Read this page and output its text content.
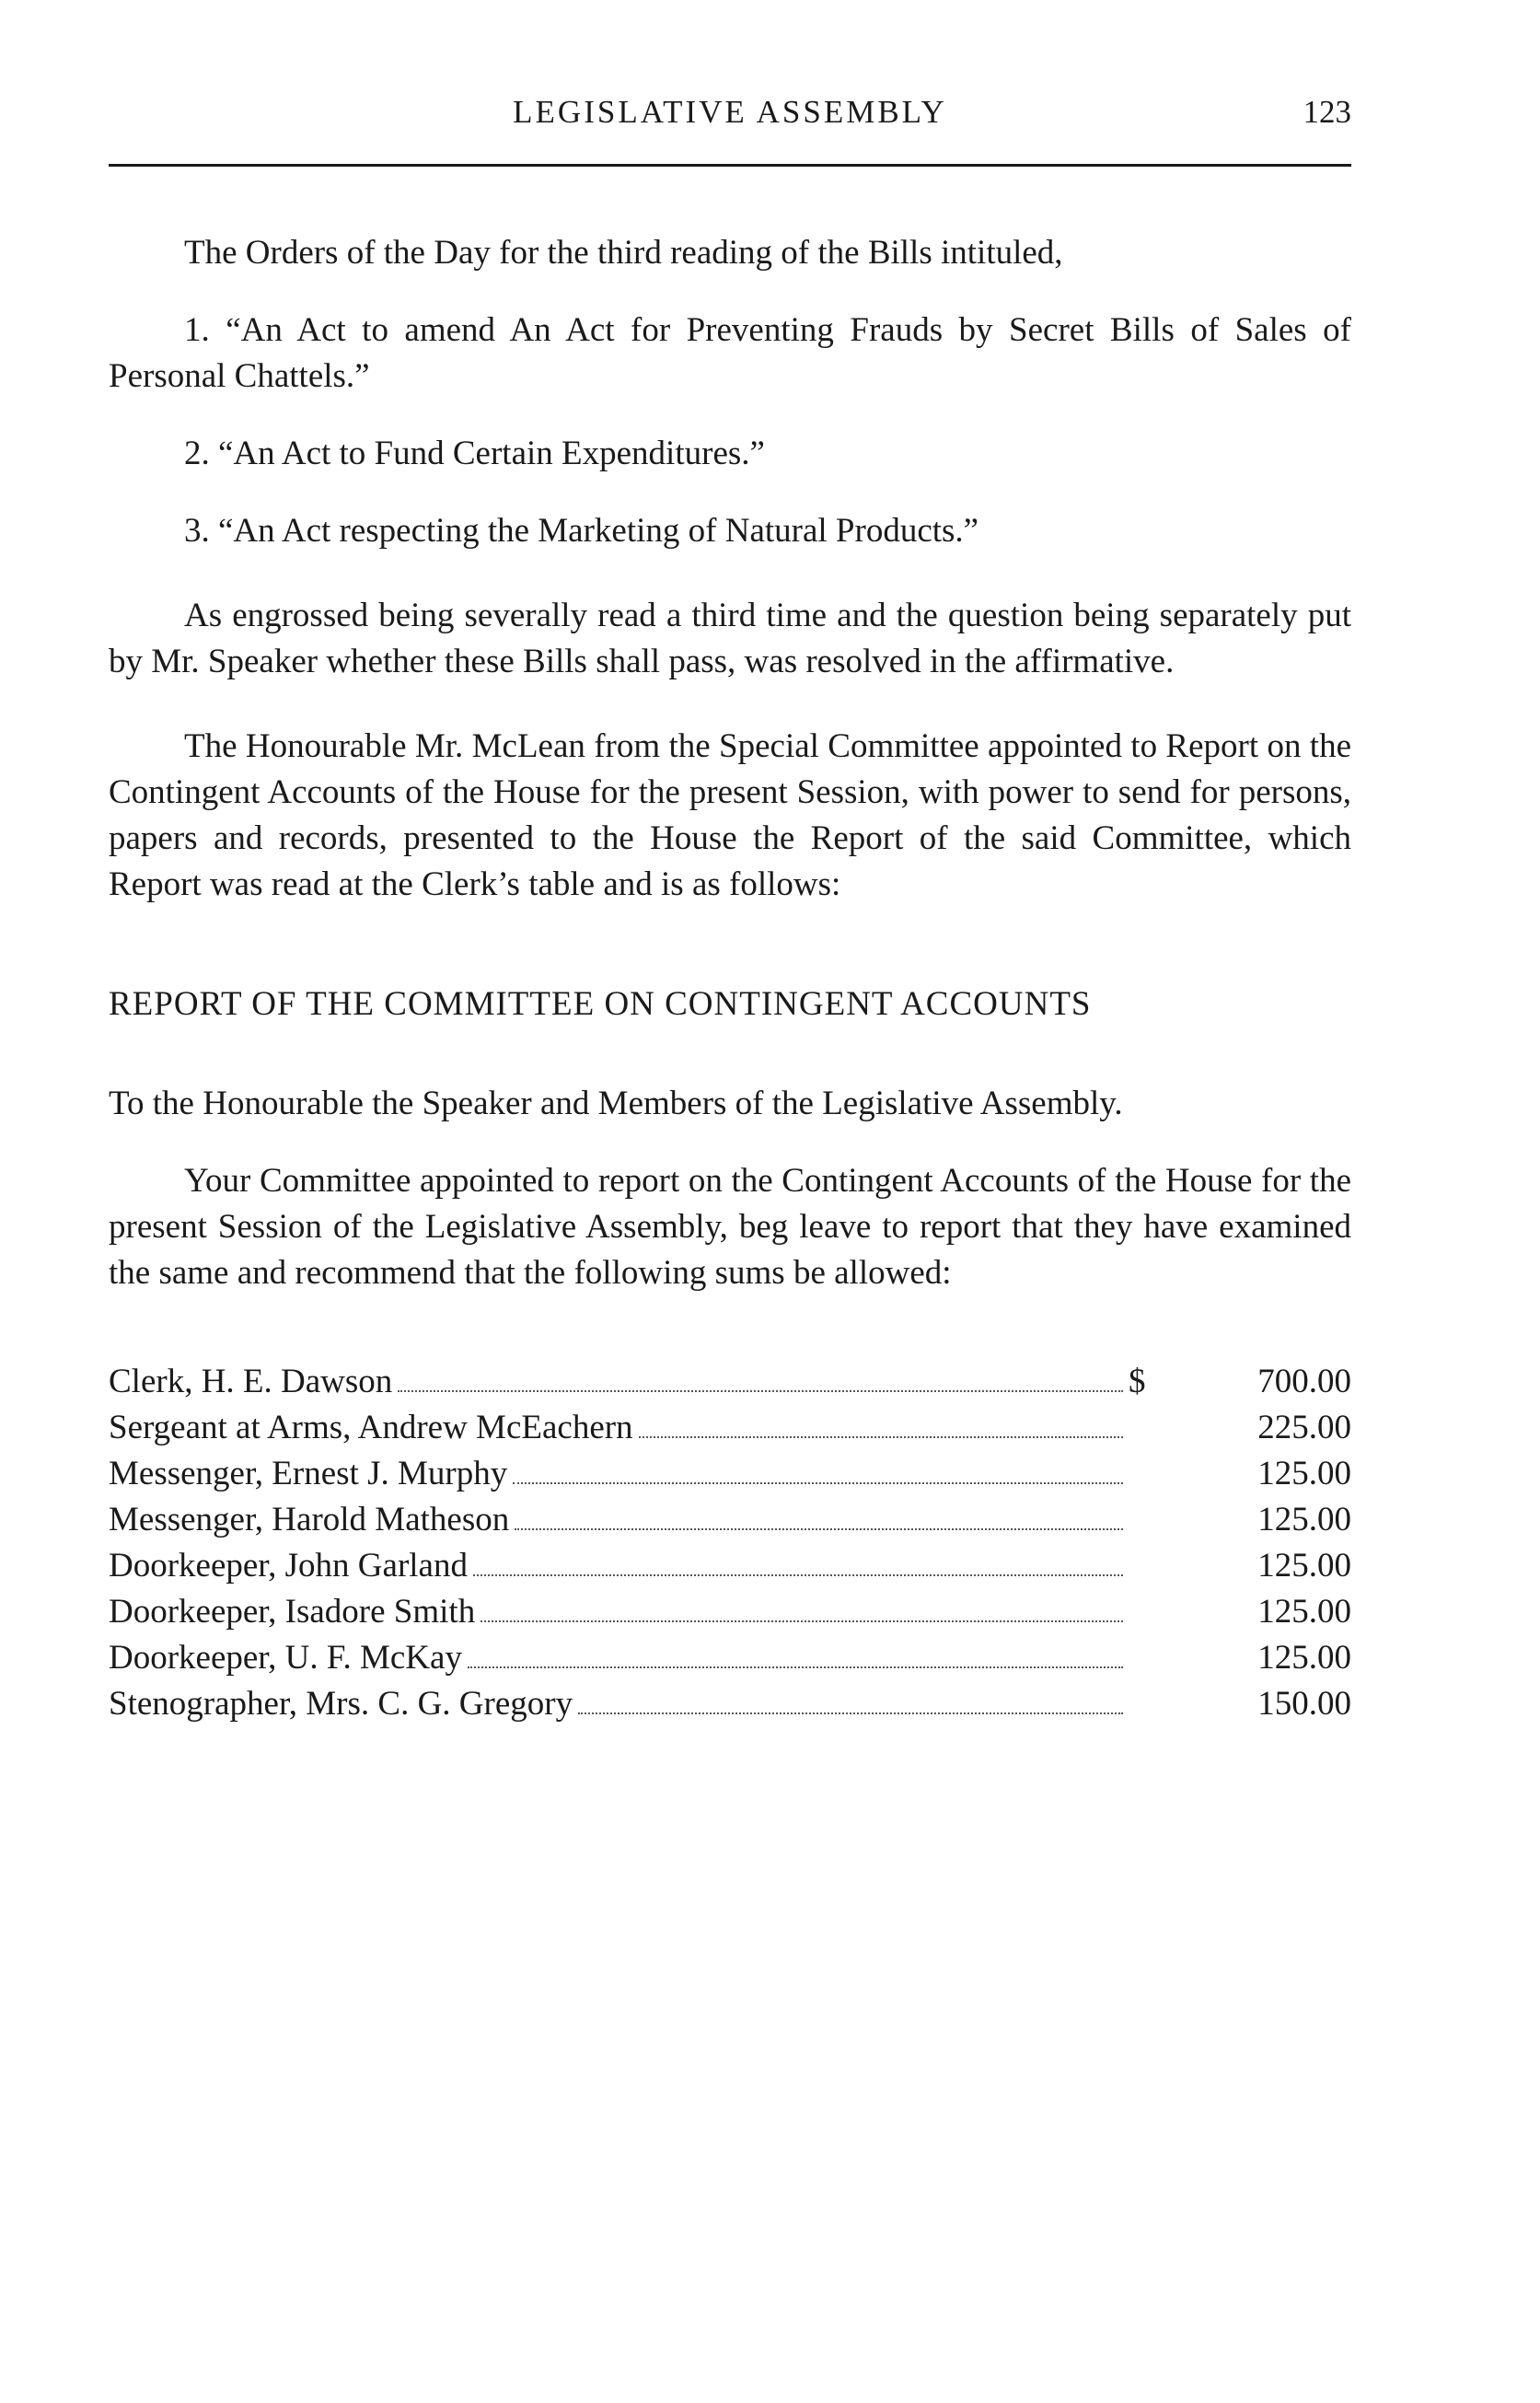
LEGISLATIVE ASSEMBLY	123

The Orders of the Day for the third reading of the Bills intituled,

1. “An Act to amend An Act for Preventing Frauds by Secret Bills of Sales of Personal Chattels.”

2. “An Act to Fund Certain Expenditures.”

3. “An Act respecting the Marketing of Natural Products.”

As engrossed being severally read a third time and the question being separately put by Mr. Speaker whether these Bills shall pass, was resolved in the affirmative.

The Honourable Mr. McLean from the Special Committee appointed to Report on the Contingent Accounts of the House for the present Session, with power to send for persons, papers and records, presented to the House the Report of the said Committee, which Report was read at the Clerk’s table and is as follows:

REPORT OF THE COMMITTEE ON CONTINGENT ACCOUNTS

To the Honourable the Speaker and Members of the Legislative Assembly.

Your Committee appointed to report on the Contingent Accounts of the House for the present Session of the Legislative Assembly, beg leave to report that they have examined the same and recommend that the following sums be allowed:

Clerk, H. E. Dawson	$	700.00
Sergeant at Arms, Andrew McEachern	225.00
Messenger, Ernest J. Murphy	125.00
Messenger, Harold Matheson	125.00
Doorkeeper, John Garland	125.00
Doorkeeper, Isadore Smith	125.00
Doorkeeper, U. F. McKay	125.00
Stenographer, Mrs. C. G. Gregory	150.00
